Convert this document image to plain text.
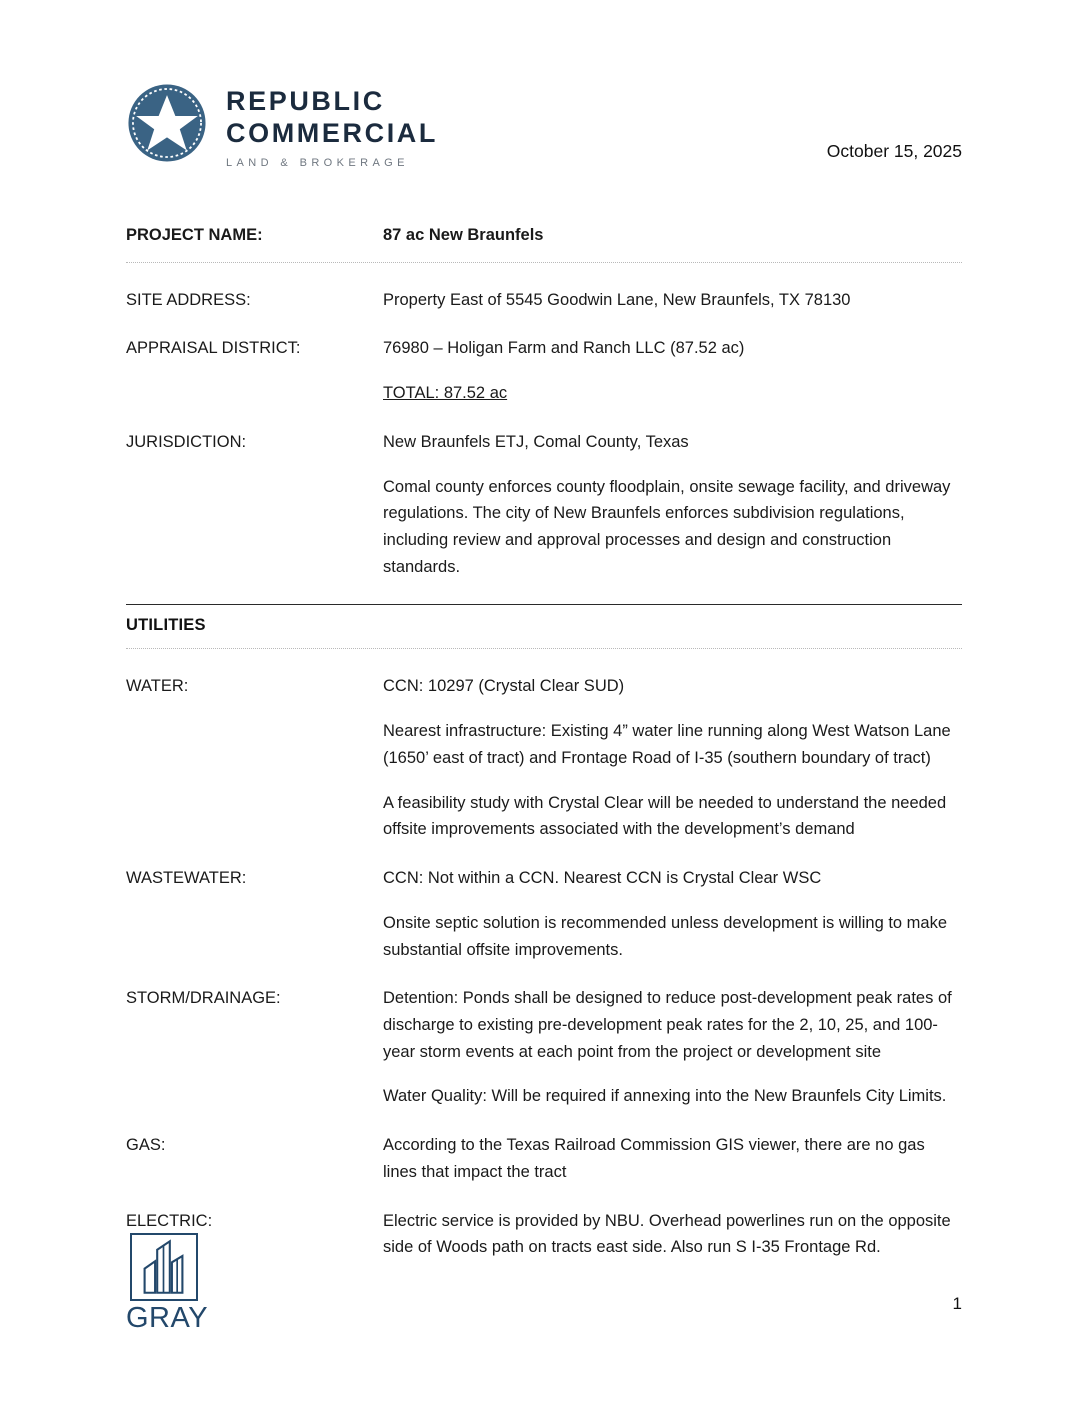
REPUBLIC
COMMERCIAL
LAND & BROKERAGE
October 15, 2025
PROJECT NAME:	87 ac New Braunfels
SITE ADDRESS:	Property East of 5545 Goodwin Lane, New Braunfels, TX 78130

APPRAISAL DISTRICT:	76980 – Holigan Farm and Ranch LLC (87.52 ac)

TOTAL: 87.52 ac

JURISDICTION:	New Braunfels ETJ, Comal County, Texas

Comal county enforces county floodplain, onsite sewage facility, and driveway regulations. The city of New Braunfels enforces subdivision regulations, including review and approval processes and design and construction standards.

UTILITIES
WATER:	CCN: 10297 (Crystal Clear SUD)

Nearest infrastructure: Existing 4” water line running along West Watson Lane (1650’ east of tract) and Frontage Road of I-35 (southern boundary of tract)

A feasibility study with Crystal Clear will be needed to understand the needed offsite improvements associated with the development’s demand

WASTEWATER:	CCN: Not within a CCN. Nearest CCN is Crystal Clear WSC

Onsite septic solution is recommended unless development is willing to make substantial offsite improvements.

STORM/DRAINAGE:	Detention: Ponds shall be designed to reduce post-development peak rates of discharge to existing pre-development peak rates for the 2, 10, 25, and 100-year storm events at each point from the project or development site

Water Quality: Will be required if annexing into the New Braunfels City Limits.

GAS:	According to the Texas Railroad Commission GIS viewer, there are no gas lines that impact the tract

ELECTRIC:	Electric service is provided by NBU. Overhead powerlines run on the opposite side of Woods path on tracts east side. Also run S I-35 Frontage Rd.

GRAY	1
